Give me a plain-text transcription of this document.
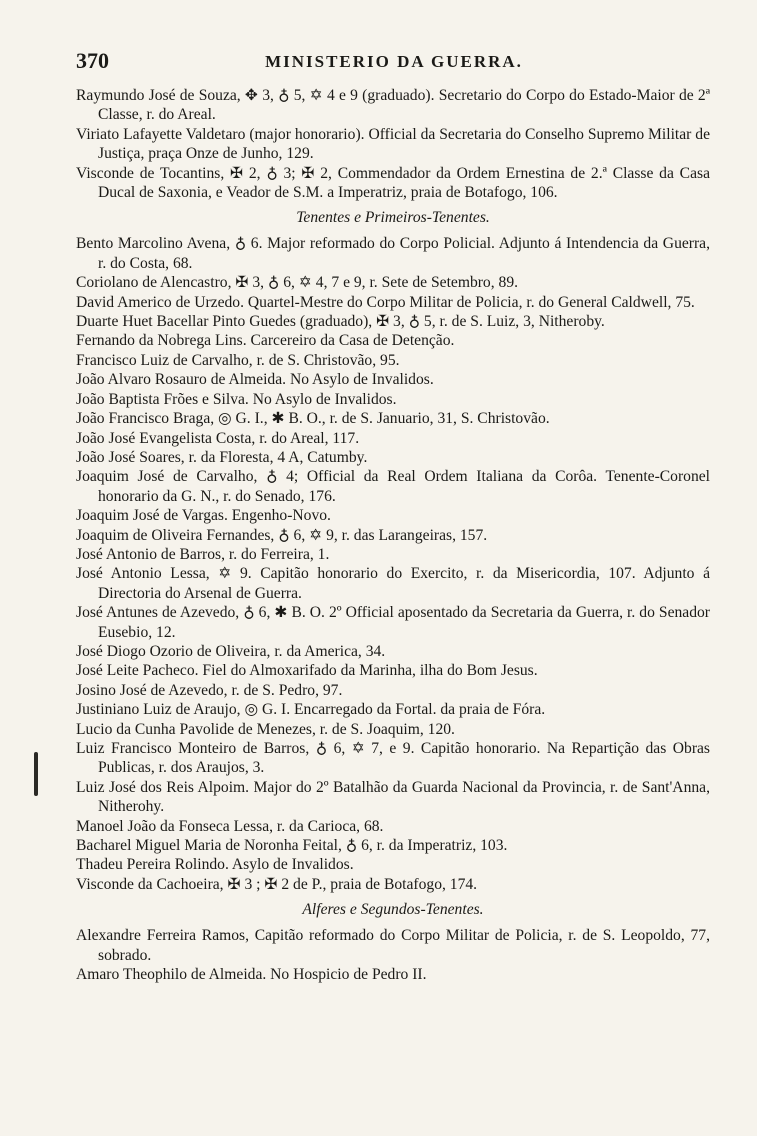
370	MINISTERIO DA GUERRA.

Raymundo José de Souza, ✥ 3, ♁ 5, ✡ 4 e 9 (graduado). Secretario do Corpo do Estado-Maior de 2ª Classe, r. do Areal.

Viriato Lafayette Valdetaro (major honorario). Official da Secretaria do Conselho Supremo Militar de Justiça, praça Onze de Junho, 129.

Visconde de Tocantins, ✠ 2, ♁ 3; ✠ 2, Commendador da Ordem Ernestina de 2.ª Classe da Casa Ducal de Saxonia, e Veador de S.M. a Imperatriz, praia de Botafogo, 106.

Tenentes e Primeiros-Tenentes.

Bento Marcolino Avena, ♁ 6. Major reformado do Corpo Policial. Adjunto á Intendencia da Guerra, r. do Costa, 68.

Coriolano de Alencastro, ✠ 3, ♁ 6, ✡ 4, 7 e 9, r. Sete de Setembro, 89.

David Americo de Urzedo. Quartel-Mestre do Corpo Militar de Policia, r. do General Caldwell, 75.

Duarte Huet Bacellar Pinto Guedes (graduado), ✠ 3, ♁ 5, r. de S. Luiz, 3, Nitheroby.

Fernando da Nobrega Lins. Carcereiro da Casa de Detenção.

Francisco Luiz de Carvalho, r. de S. Christovão, 95.

João Alvaro Rosauro de Almeida. No Asylo de Invalidos.

João Baptista Frões e Silva. No Asylo de Invalidos.

João Francisco Braga, ◎ G. I., ✱ B. O., r. de S. Januario, 31, S. Christovão.

João José Evangelista Costa, r. do Areal, 117.

João José Soares, r. da Floresta, 4 A, Catumby.

Joaquim José de Carvalho, ♁ 4; Official da Real Ordem Italiana da Corôa. Tenente-Coronel honorario da G. N., r. do Senado, 176.

Joaquim José de Vargas. Engenho-Novo.

Joaquim de Oliveira Fernandes, ♁ 6, ✡ 9, r. das Larangeiras, 157.

José Antonio de Barros, r. do Ferreira, 1.

José Antonio Lessa, ✡ 9. Capitão honorario do Exercito, r. da Misericordia, 107. Adjunto á Directoria do Arsenal de Guerra.

José Antunes de Azevedo, ♁ 6, ✱ B. O. 2º Official aposentado da Secretaria da Guerra, r. do Senador Eusebio, 12.

José Diogo Ozorio de Oliveira, r. da America, 34.

José Leite Pacheco. Fiel do Almoxarifado da Marinha, ilha do Bom Jesus.

Josino José de Azevedo, r. de S. Pedro, 97.

Justiniano Luiz de Araujo, ◎ G. I. Encarregado da Fortal. da praia de Fóra.

Lucio da Cunha Pavolide de Menezes, r. de S. Joaquim, 120.

Luiz Francisco Monteiro de Barros, ♁ 6, ✡ 7, e 9. Capitão honorario. Na Repartição das Obras Publicas, r. dos Araujos, 3.

Luiz José dos Reis Alpoim. Major do 2º Batalhão da Guarda Nacional da Provincia, r. de Sant'Anna, Nitherohy.

Manoel João da Fonseca Lessa, r. da Carioca, 68.

Bacharel Miguel Maria de Noronha Feital, ♁ 6, r. da Imperatriz, 103.

Thadeu Pereira Rolindo. Asylo de Invalidos.

Visconde da Cachoeira, ✠ 3 ; ✠ 2 de P., praia de Botafogo, 174.

Alferes e Segundos-Tenentes.

Alexandre Ferreira Ramos, Capitão reformado do Corpo Militar de Policia, r. de S. Leopoldo, 77, sobrado.

Amaro Theophilo de Almeida. No Hospicio de Pedro II.
